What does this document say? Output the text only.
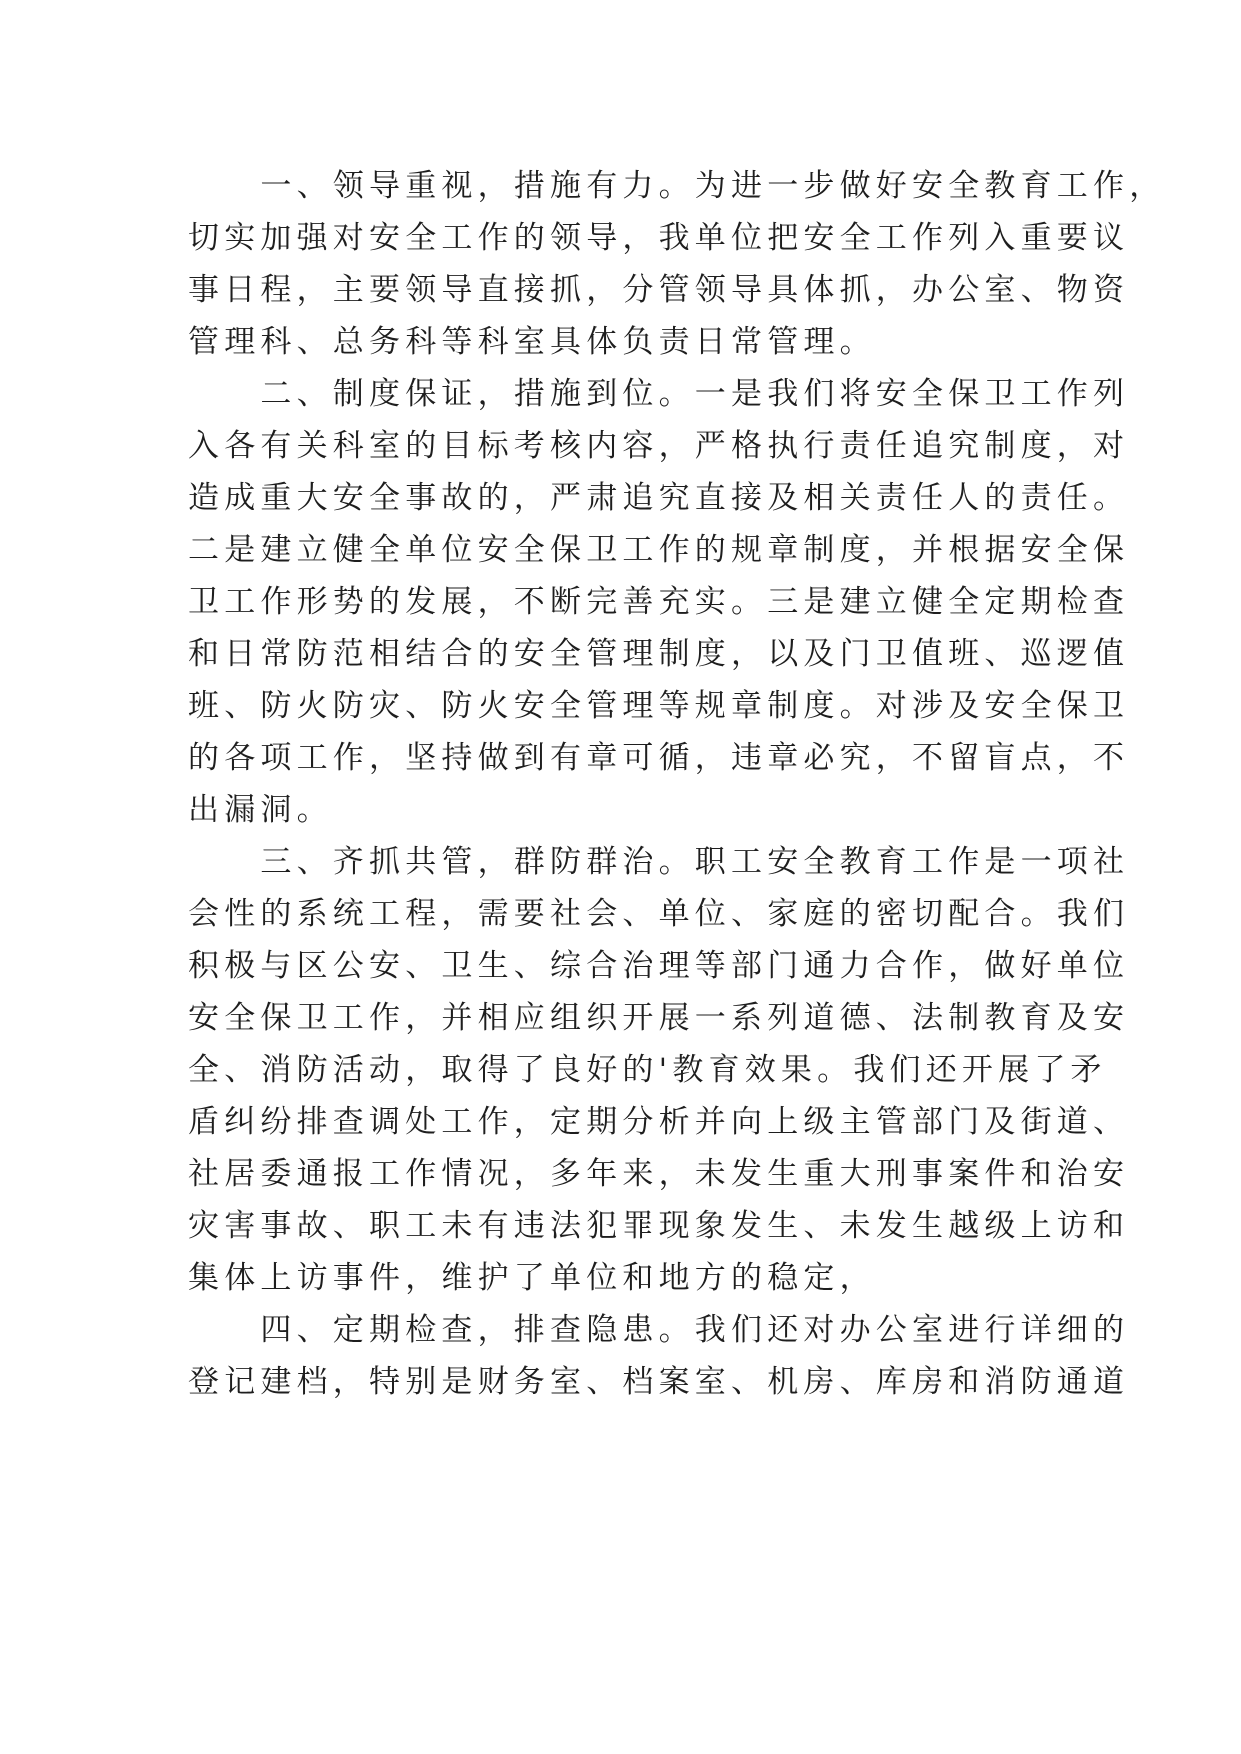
　　一、领导重视，措施有力。为进一步做好安全教育工作，
切实加强对安全工作的领导，我单位把安全工作列入重要议
事日程，主要领导直接抓，分管领导具体抓，办公室、物资
管理科、总务科等科室具体负责日常管理。
　　二、制度保证，措施到位。一是我们将安全保卫工作列
入各有关科室的目标考核内容，严格执行责任追究制度，对
造成重大安全事故的，严肃追究直接及相关责任人的责任。
二是建立健全单位安全保卫工作的规章制度，并根据安全保
卫工作形势的发展，不断完善充实。三是建立健全定期检查
和日常防范相结合的安全管理制度，以及门卫值班、巡逻值
班、防火防灾、防火安全管理等规章制度。对涉及安全保卫
的各项工作，坚持做到有章可循，违章必究，不留盲点，不
出漏洞。
　　三、齐抓共管，群防群治。职工安全教育工作是一项社
会性的系统工程，需要社会、单位、家庭的密切配合。我们
积极与区公安、卫生、综合治理等部门通力合作，做好单位
安全保卫工作，并相应组织开展一系列道德、法制教育及安
全、消防活动，取得了良好的'教育效果。我们还开展了矛
盾纠纷排查调处工作，定期分析并向上级主管部门及街道、
社居委通报工作情况，多年来，未发生重大刑事案件和治安
灾害事故、职工未有违法犯罪现象发生、未发生越级上访和
集体上访事件，维护了单位和地方的稳定，
　　四、定期检查，排查隐患。我们还对办公室进行详细的
登记建档，特别是财务室、档案室、机房、库房和消防通道
